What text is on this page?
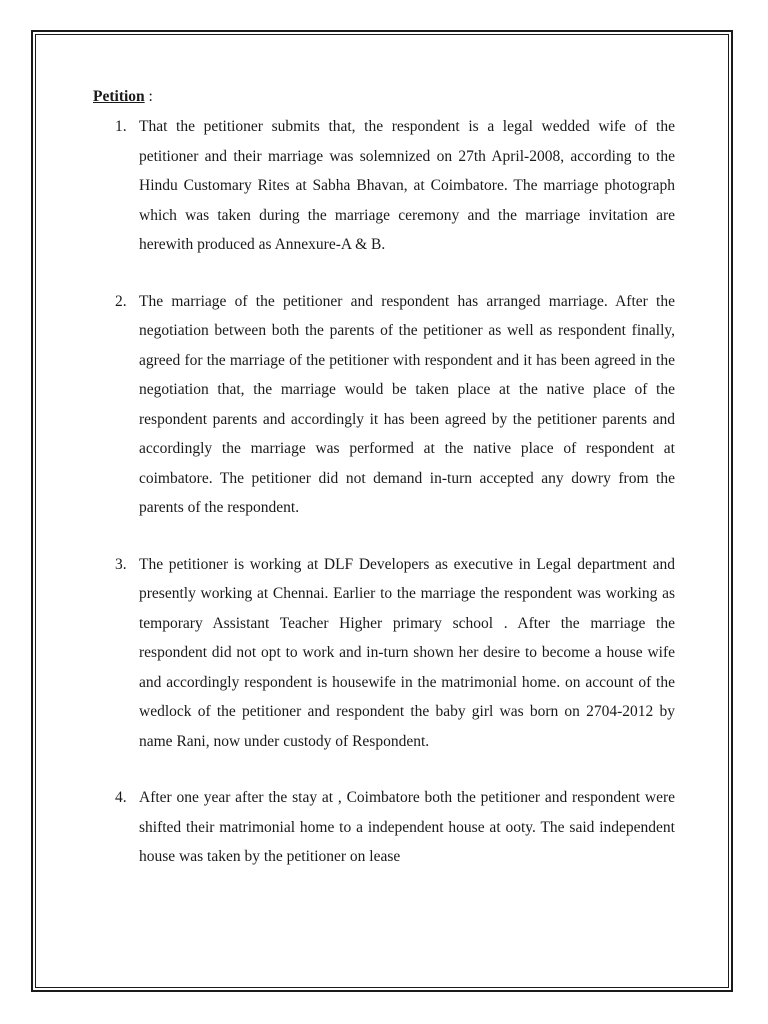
Petition :

1. That the petitioner submits that, the respondent is a legal wedded wife of the petitioner and their marriage was solemnized on 27th April-2008, according to the Hindu Customary Rites at Sabha Bhavan, at Coimbatore. The marriage photograph which was taken during the marriage ceremony and the marriage invitation are herewith produced as Annexure-A & B.
2. The marriage of the petitioner and respondent has arranged marriage. After the negotiation between both the parents of the petitioner as well as respondent finally, agreed for the marriage of the petitioner with respondent and it has been agreed in the negotiation that, the marriage would be taken place at the native place of the respondent parents and accordingly it has been agreed by the petitioner parents and accordingly the marriage was performed at the native place of respondent at coimbatore. The petitioner did not demand in-turn accepted any dowry from the parents of the respondent.
3. The petitioner is working at DLF Developers as executive in Legal department and presently working at Chennai. Earlier to the marriage the respondent was working as temporary Assistant Teacher Higher primary school . After the marriage the respondent did not opt to work and in-turn shown her desire to become a house wife and accordingly respondent is housewife in the matrimonial home. on account of the wedlock of the petitioner and respondent the baby girl was born on 2704-2012 by name Rani, now under custody of Respondent.
4. After one year after the stay at , Coimbatore both the petitioner and respondent were shifted their matrimonial home to a independent house at ooty. The said independent house was taken by the petitioner on lease
